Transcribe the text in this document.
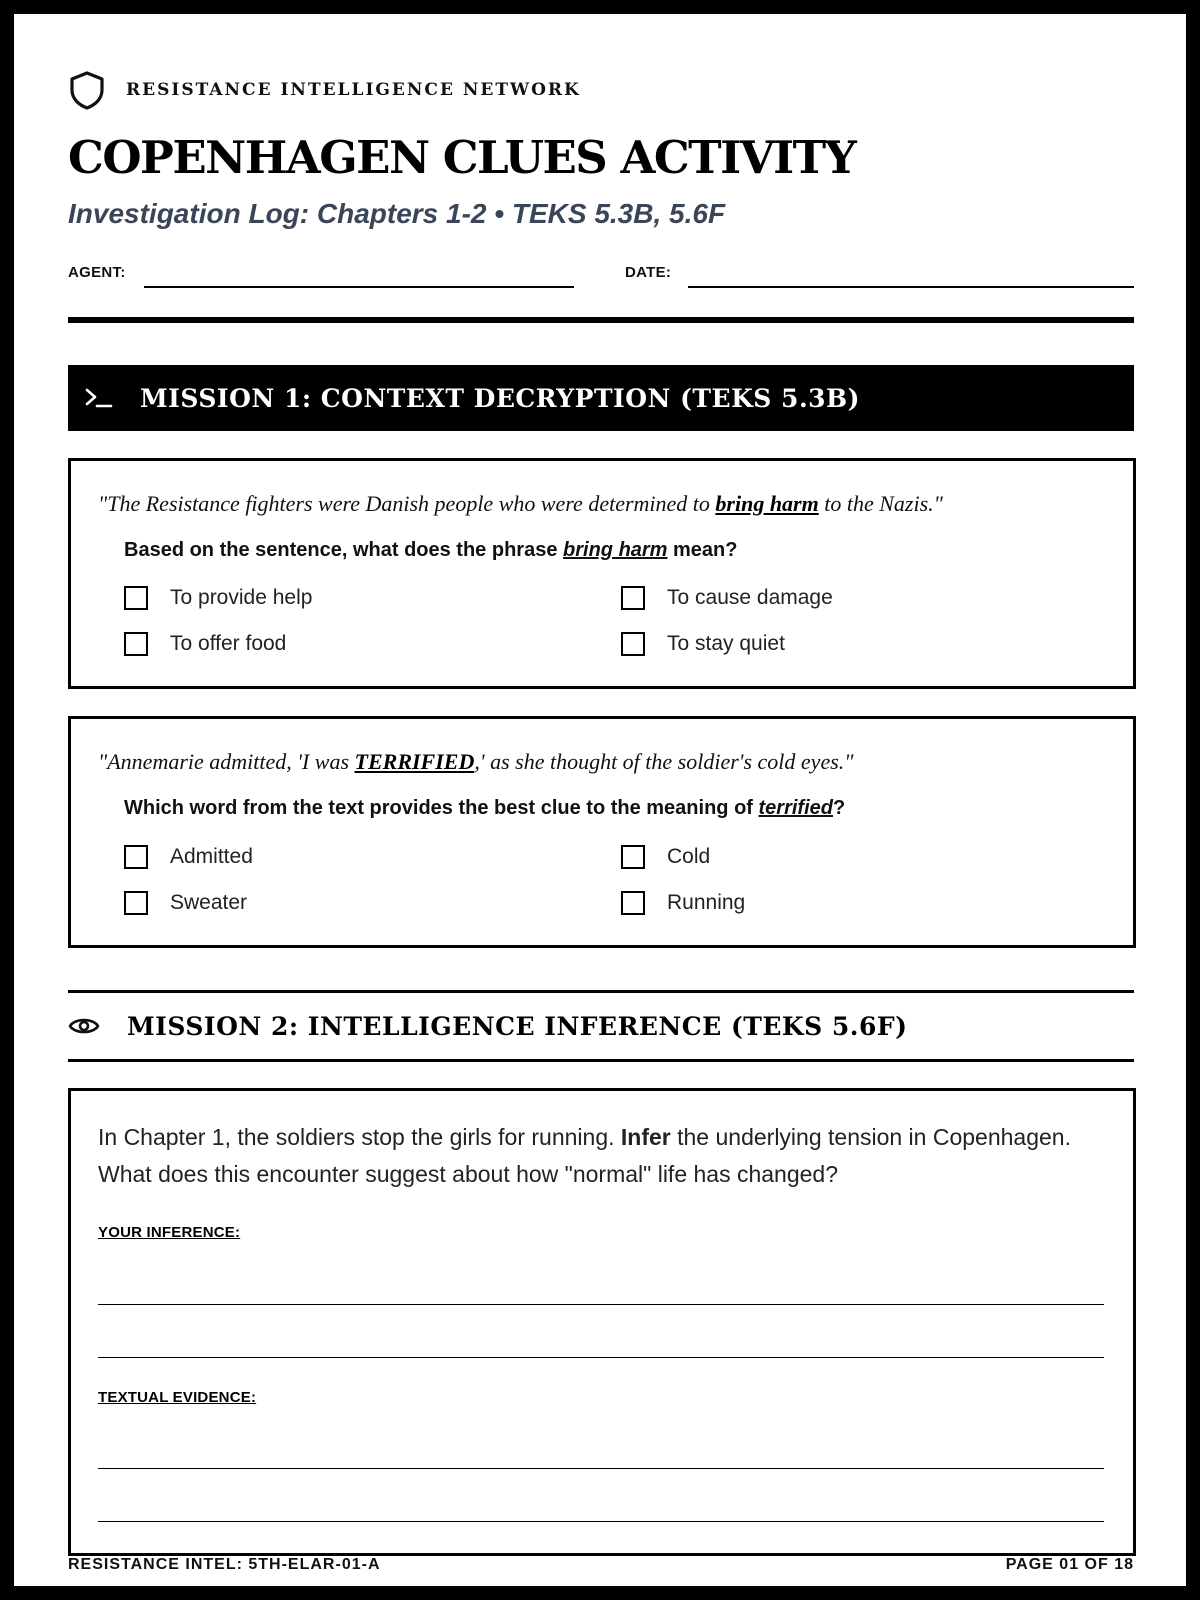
RESISTANCE INTELLIGENCE NETWORK
COPENHAGEN CLUES ACTIVITY
Investigation Log: Chapters 1-2 • TEKS 5.3B, 5.6F
AGENT:	DATE:
MISSION 1: CONTEXT DECRYPTION (TEKS 5.3B)
"The Resistance fighters were Danish people who were determined to bring harm to the Nazis."
Based on the sentence, what does the phrase bring harm mean?
To provide help	To cause damage
To offer food	To stay quiet
"Annemarie admitted, 'I was TERRIFIED,' as she thought of the soldier's cold eyes."
Which word from the text provides the best clue to the meaning of terrified?
Admitted	Cold
Sweater	Running
MISSION 2: INTELLIGENCE INFERENCE (TEKS 5.6F)

In Chapter 1, the soldiers stop the girls for running. Infer the underlying tension in Copenhagen. What does this encounter suggest about how "normal" life has changed?

YOUR INFERENCE:
TEXTUAL EVIDENCE:
RESISTANCE INTEL: 5TH-ELAR-01-A	PAGE 01 OF 18
